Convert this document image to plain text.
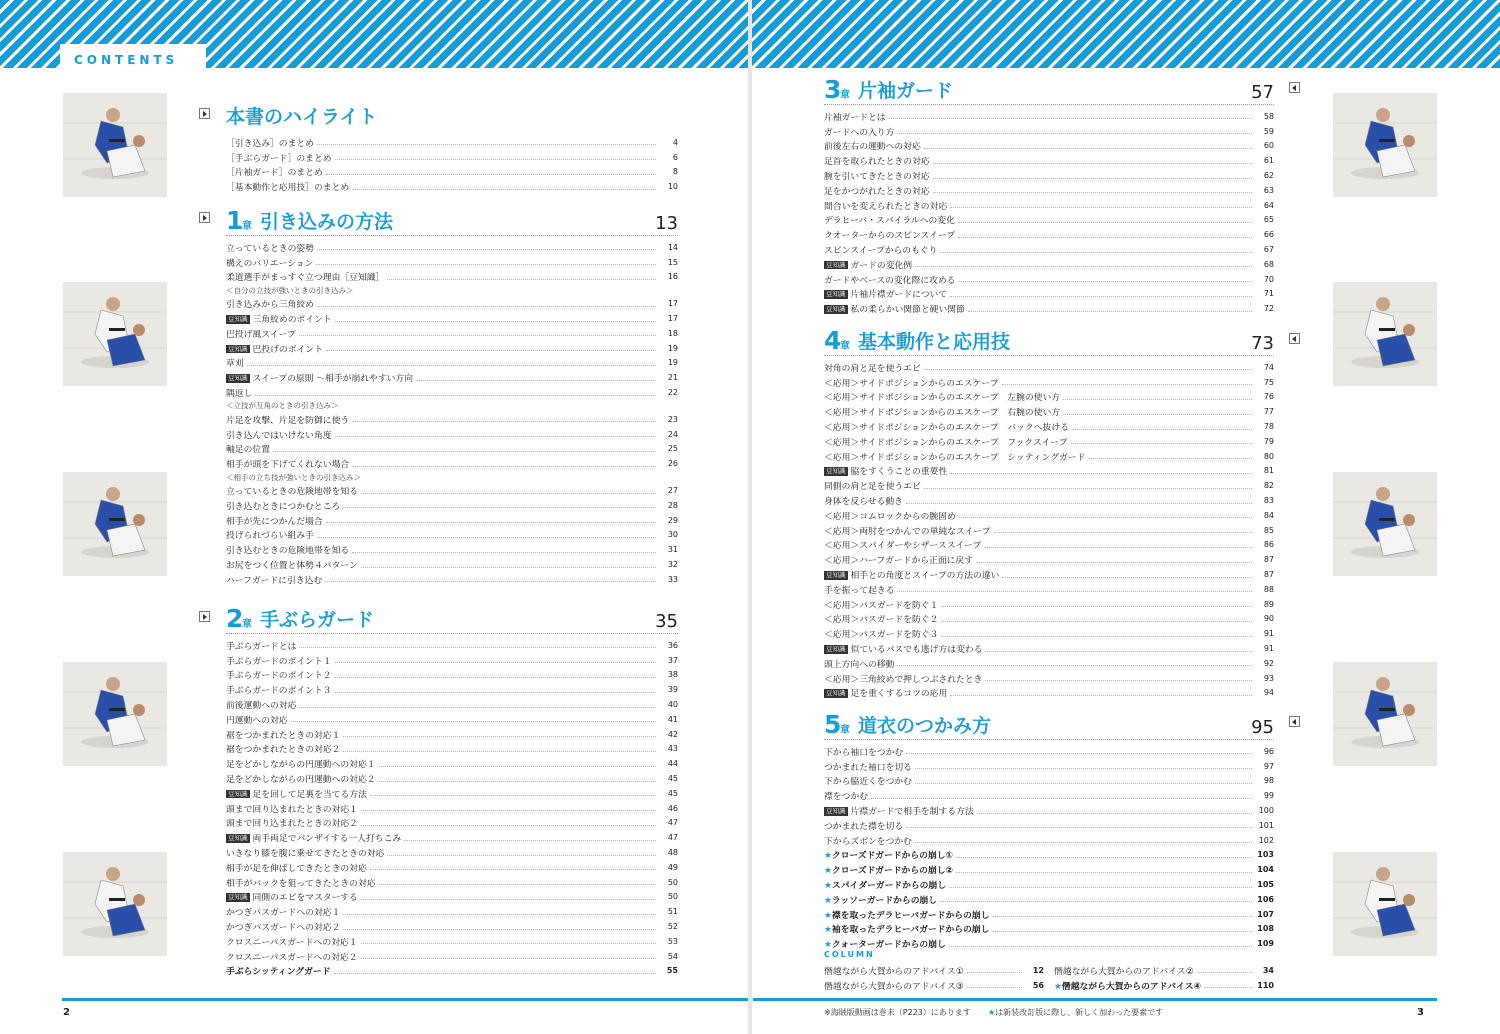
CONTENTS
本書のハイライト
［引き込み］のまとめ	4
［手ぶらガード］のまとめ	6
［片袖ガード］のまとめ	8
［基本動作と応用技］のまとめ	10
1
章 引き込みの方法	13
立っているときの姿勢	14
構えのバリエーション	15
柔道選手がまっすぐ立つ理由［豆知識］	16
＜自分の立技が強いときの引き込み＞
引き込みから三角絞め	17
豆知識 三角絞めのポイント	17
巴投げ風スイープ	18
豆知識 巴投げのポイント	19
草刈	19
豆知識 スイープの原則 ～相手が崩れやすい方向	21
隅返し	22
＜立技が互角のときの引き込み＞
片足を攻撃、片足を防御に使う	23
引き込んではいけない角度	24
軸足の位置	25
相手が頭を下げてくれない場合	26
＜相手の立ち技が強いときの引き込み＞
立っているときの危険地帯を知る	27
引き込むときにつかむところ	28
相手が先につかんだ場合	29
投げられづらい組み手	30
引き込むときの危険地帯を知る	31
お尻をつく位置と体勢４パターン	32
ハーフガードに引き込む	33
2
章 手ぶらガード	35
手ぶらガードとは	36
手ぶらガードのポイント１	37
手ぶらガードのポイント２	38
手ぶらガードのポイント３	39
前後運動への対応	40
円運動への対応	41
裾をつかまれたときの対応１	42
裾をつかまれたときの対応２	43
足をどかしながらの円運動への対応１	44
足をどかしながらの円運動への対応２	45
豆知識 足を回して足裏を当てる方法	45
頭まで回り込まれたときの対応１	46
頭まで回り込まれたときの対応２	47
豆知識 両手両足でバンザイする一人打ちこみ	47
いきなり膝を腹に乗せてきたときの対応	48
相手が足を伸ばしてきたときの対応	49
相手がバックを狙ってきたときの対応	50
豆知識 同側のエビをマスターする	50
かつぎパスガードへの対応１	51
かつぎパスガードへの対応２	52
クロスニーパスガードへの対応１	53
クロスニーパスガードへの対応２	54
手ぶらシッティングガード	55
3
章 片袖ガード	57
片袖ガードとは	58
ガードへの入り方	59
前後左右の運動への対応	60
足首を取られたときの対応	61
腕を引いてきたときの対応	62
足をかつがれたときの対応	63
間合いを変えられたときの対応	64
デラヒーバ・スパイラルへの変化	65
クオーターからのスピンスイープ	66
スピンスイープからのもぐり	67
豆知識 ガードの変化例	68
ガードやベースの変化際に攻める	70
豆知識 片袖片襟ガードについて	71
豆知識 私の柔らかい関節と硬い関節	72
4
章 基本動作と応用技	73
対角の肩と足を使うエビ	74
＜応用＞サイドポジションからのエスケープ	75
＜応用＞サイドポジションからのエスケープ　左腕の使い方	76
＜応用＞サイドポジションからのエスケープ　右腕の使い方	77
＜応用＞サイドポジションからのエスケープ　バックへ抜ける	78
＜応用＞サイドポジションからのエスケープ　フックスイープ	79
＜応用＞サイドポジションからのエスケープ　シッティングガード	80
豆知識 脇をすくうことの重要性	81
同側の肩と足を使うエビ	82
身体を反らせる動き	83
＜応用＞コムロックからの腕固め	84
＜応用＞両肘をつかんでの単純なスイープ	85
＜応用＞スパイダーやシザーススイープ	86
＜応用＞ハーフガードから正面に戻す	87
豆知識 相手との角度とスイープの方法の違い	87
手を振って起きる	88
＜応用＞パスガードを防ぐ１	89
＜応用＞パスガードを防ぐ２	90
＜応用＞パスガードを防ぐ３	91
豆知識 似ているパスでも逃げ方は変わる	91
頭上方向への移動	92
＜応用＞三角絞めで押しつぶされたとき	93
豆知識 足を重くするコツの応用	94
5
章 道衣のつかみ方	95
下から袖口をつかむ	96
つかまれた袖口を切る	97
下から脇近くをつかむ	98
襟をつかむ	99
豆知識 片襟ガードで相手を制する方法	100
つかまれた襟を切る	101
下からズボンをつかむ	102
★クローズドガードからの崩し①	103
★クローズドガードからの崩し②	104
★スパイダーガードからの崩し	105
★ラッソーガードからの崩し	106
★襟を取ったデラヒーバガードからの崩し	107
★袖を取ったデラヒーバガードからの崩し	108
★クォーターガードからの崩し	109
COLUMN
僭越ながら大賀からのアドバイス①	12 僭越ながら大賀からのアドバイス②	34
僭越ながら大賀からのアドバイス③	56 ★僭越ながら大賀からのアドバイス④	110
2	3
※海賊版動画は巻末（P223）にあります ★は新装改訂版に際し、新しく加わった要素です
